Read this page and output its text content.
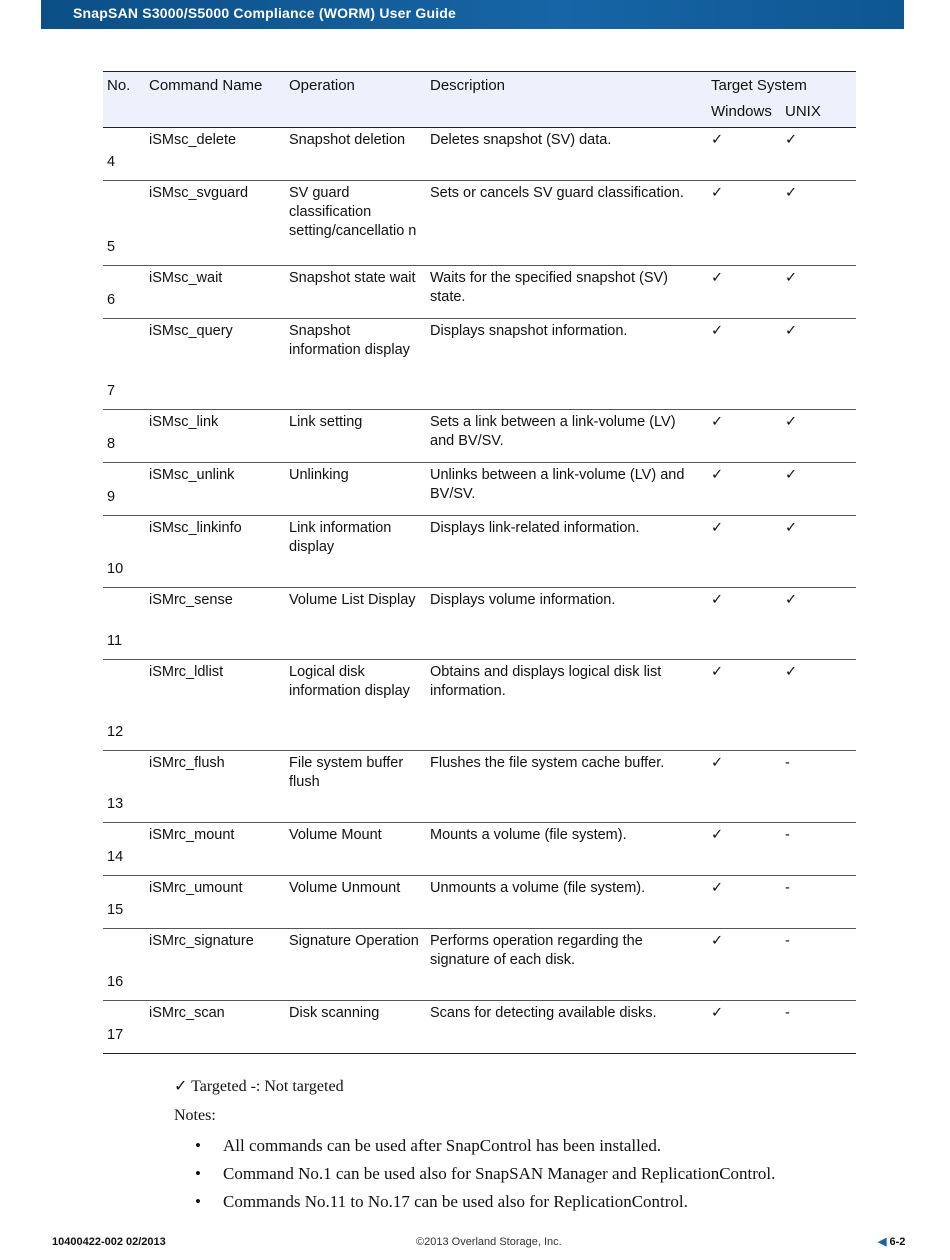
SnapSAN S3000/S5000 Compliance (WORM) User Guide
No.	Command Name	Operation	Description	Target System	
				Windows	UNIX
4	iSMsc_delete	Snapshot deletion	Deletes snapshot (SV) data.	✓	✓
5	iSMsc_svguard	SV guard classification setting/cancellatio n	Sets or cancels SV guard classification.	✓	✓
6	iSMsc_wait	Snapshot state wait	Waits for the specified snapshot (SV) state.	✓	✓
7	iSMsc_query	Snapshot information display	Displays snapshot information.	✓	✓
8	iSMsc_link	Link setting	Sets a link between a link-volume (LV) and BV/SV.	✓	✓
9	iSMsc_unlink	Unlinking	Unlinks between a link-volume (LV) and BV/SV.	✓	✓
10	iSMsc_linkinfo	Link information display	Displays link-related information.	✓	✓
11	iSMrc_sense	Volume List Display	Displays volume information.	✓	✓
12	iSMrc_ldlist	Logical disk information display	Obtains and displays logical disk list information.	✓	✓
13	iSMrc_flush	File system buffer flush	Flushes the file system cache buffer.	✓	-
14	iSMrc_mount	Volume Mount	Mounts a volume (file system).	✓	-
15	iSMrc_umount	Volume Unmount	Unmounts a volume (file system).	✓	-
16	iSMrc_signature	Signature Operation	Performs operation regarding the signature of each disk.	✓	-
17	iSMrc_scan	Disk scanning	Scans for detecting available disks.	✓	-
✓ Targeted -: Not targeted
Notes:
• All commands can be used after SnapControl has been installed.
• Command No.1 can be used also for SnapSAN Manager and ReplicationControl.
• Commands No.11 to No.17 can be used also for ReplicationControl.
10400422-002 02/2013	©2013 Overland Storage, Inc.	◀ 6-2
